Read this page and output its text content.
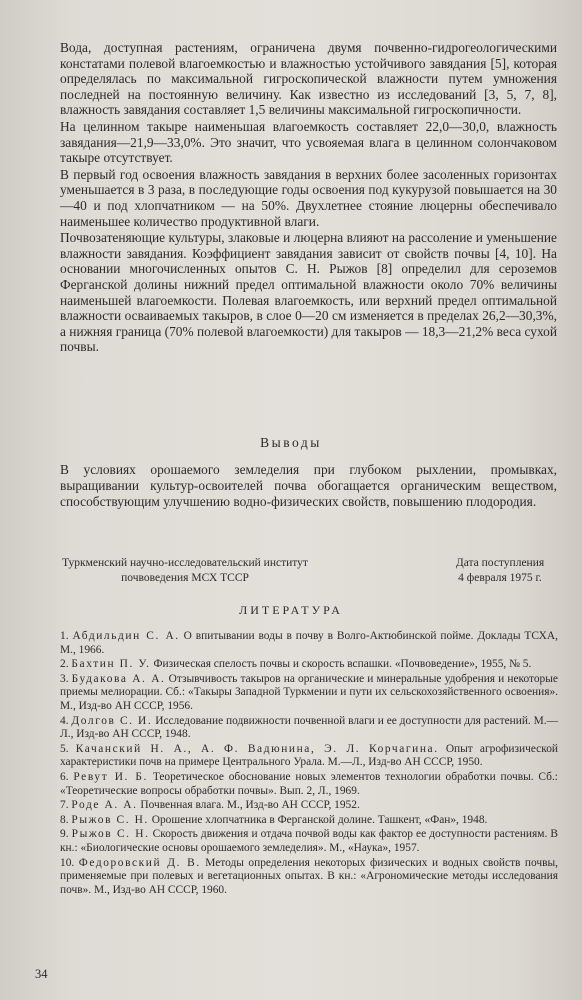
Вода, доступная растениям, ограничена двумя почвенно-гидрогеологическими констатами полевой влагоемкостью и влажностью устойчивого завядания [5], которая определялась по максимальной гигроскопической влажности путем умножения последней на постоянную величину. Как известно из исследований [3, 5, 7, 8], влажность завядания составляет 1,5 величины максимальной гигроскопичности.

На целинном такыре наименьшая влагоемкость составляет 22,0—30,0, влажность завядания—21,9—33,0%. Это значит, что усвояемая влага в целинном солончаковом такыре отсутствует.

В первый год освоения влажность завядания в верхних более засоленных горизонтах уменьшается в 3 раза, в последующие годы освоения под кукурузой повышается на 30—40 и под хлопчатником — на 50%. Двухлетнее стояние люцерны обеспечивало наименьшее количество продуктивной влаги.

Почвозатеняющие культуры, злаковые и люцерна влияют на рассоление и уменьшение влажности завядания. Коэффициент завядания зависит от свойств почвы [4, 10]. На основании многочисленных опытов С. Н. Рыжов [8] определил для сероземов Ферганской долины нижний предел оптимальной влажности около 70% величины наименьшей влагоемкости. Полевая влагоемкость, или верхний предел оптимальной влажности осваиваемых такыров, в слое 0—20 см изменяется в пределах 26,2—30,3%, а нижняя граница (70% полевой влагоемкости) для такыров — 18,3—21,2% веса сухой почвы.

Выводы

В условиях орошаемого земледелия при глубоком рыхлении, промывках, выращивании культур-освоителей почва обогащается органическим веществом, способствующим улучшению водно-физических свойств, повышению плодородия.

Туркменский научно-исследовательский институт
почвоведения МСХ ТССР
Дата поступления
4 февраля 1975 г.
ЛИТЕРАТУРА

1. Абдильдин С. А. О впитывании воды в почву в Волго-Актюбинской пойме. Доклады ТСХА, М., 1966.

2. Бахтин П. У. Физическая спелость почвы и скорость вспашки. «Почвоведение», 1955, № 5.

3. Будакова А. А. Отзывчивость такыров на органические и минеральные удобрения и некоторые приемы мелиорации. Сб.: «Такыры Западной Туркмении и пути их сельскохозяйственного освоения». М., Изд-во АН СССР, 1956.

4. Долгов С. И. Исследование подвижности почвенной влаги и ее доступности для растений. М.—Л., Изд-во АН СССР, 1948.

5. Качанский Н. А., А. Ф. Вадюнина, Э. Л. Корчагина. Опыт агрофизической характеристики почв на примере Центрального Урала. М.—Л., Изд-во АН СССР, 1950.

6. Ревут И. Б. Теоретическое обоснование новых элементов технологии обработки почвы. Сб.: «Теоретические вопросы обработки почвы». Вып. 2, Л., 1969.

7. Роде А. А. Почвенная влага. М., Изд-во АН СССР, 1952.

8. Рыжов С. Н. Орошение хлопчатника в Ферганской долине. Ташкент, «Фан», 1948.

9. Рыжов С. Н. Скорость движения и отдача почвой воды как фактор ее доступности растениям. В кн.: «Биологические основы орошаемого земледелия». М., «Наука», 1957.

10. Федоровский Д. В. Методы определения некоторых физических и водных свойств почвы, применяемые при полевых и вегетационных опытах. В кн.: «Агрономические методы исследования почв». М., Изд-во АН СССР, 1960.

34
